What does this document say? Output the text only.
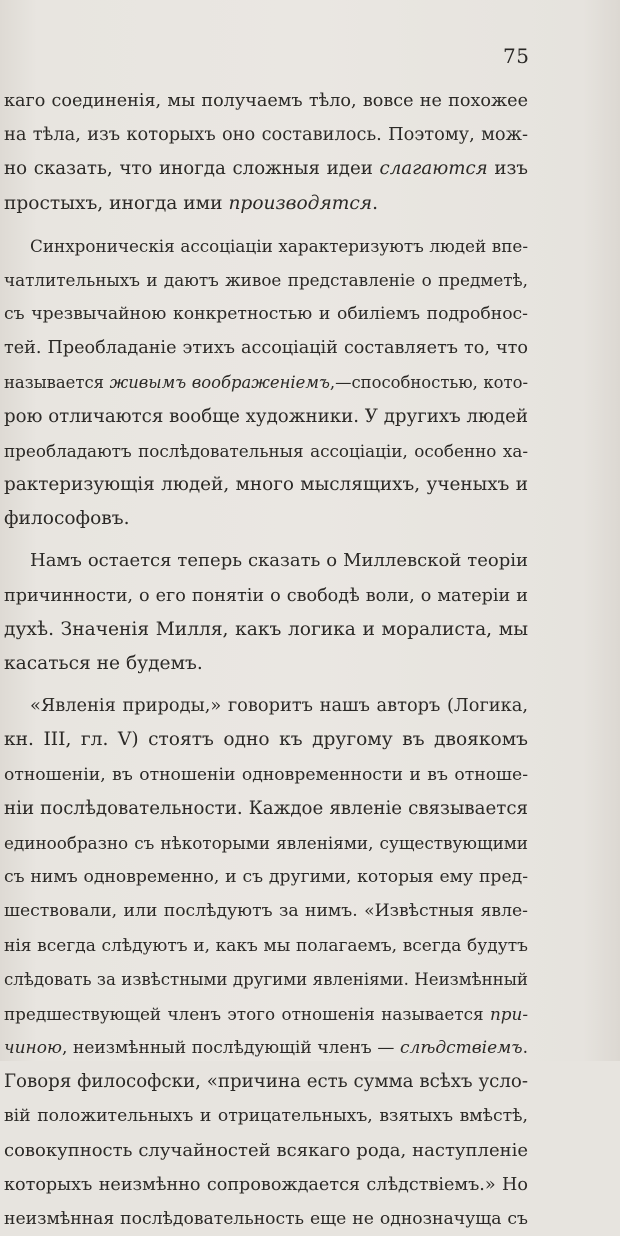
75
каго соединенія, мы получаемъ тѣло, вовсе не похожее
на тѣла, изъ которыхъ оно составилось. Поэтому, мож-
но сказать, что иногда сложныя идеи слагаются изъ
простыхъ, иногда ими производятся.
Синхроническія ассоціаціи характеризуютъ людей впе-
чатлительныхъ и даютъ живое представленіе о предметѣ,
съ чрезвычайною конкретностью и обиліемъ подробнос-
тей. Преобладаніе этихъ ассоціацій составляетъ то, что
называется живымъ воображеніемъ,—способностью, кото-
рою отличаются вообще художники. У другихъ людей
преобладаютъ послѣдовательныя ассоціаціи, особенно ха-
рактеризующія людей, много мыслящихъ, ученыхъ и
философовъ.
Намъ остается теперь сказать о Миллевской теоріи
причинности, о его понятіи о свободѣ воли, о матеріи и
духѣ. Значенія Милля, какъ логика и моралиста, мы
касаться не будемъ.
«Явленія природы,» говоритъ нашъ авторъ (Логика,
кн. III, гл. V) стоятъ одно къ другому въ двоякомъ
отношеніи, въ отношеніи одновременности и въ отноше-
ніи послѣдовательности. Каждое явленіе связывается
единообразно съ нѣкоторыми явленіями, существующими
съ нимъ одновременно, и съ другими, которыя ему пред-
шествовали, или послѣдуютъ за нимъ. «Извѣстныя явле-
нія всегда слѣдуютъ и, какъ мы полагаемъ, всегда будутъ
слѣдовать за извѣстными другими явленіями. Неизмѣнный
предшествующей членъ этого отношенія называется при-
чиною, неизмѣнный послѣдующій членъ — слѣдствіемъ.
Говоря философски, «причина есть сумма всѣхъ усло-
вій положительныхъ и отрицательныхъ, взятыхъ вмѣстѣ,
совокупность случайностей всякаго рода, наступленіе
которыхъ неизмѣнно сопровождается слѣдствіемъ.» Но
неизмѣнная послѣдовательность еще не однозначуща съ
